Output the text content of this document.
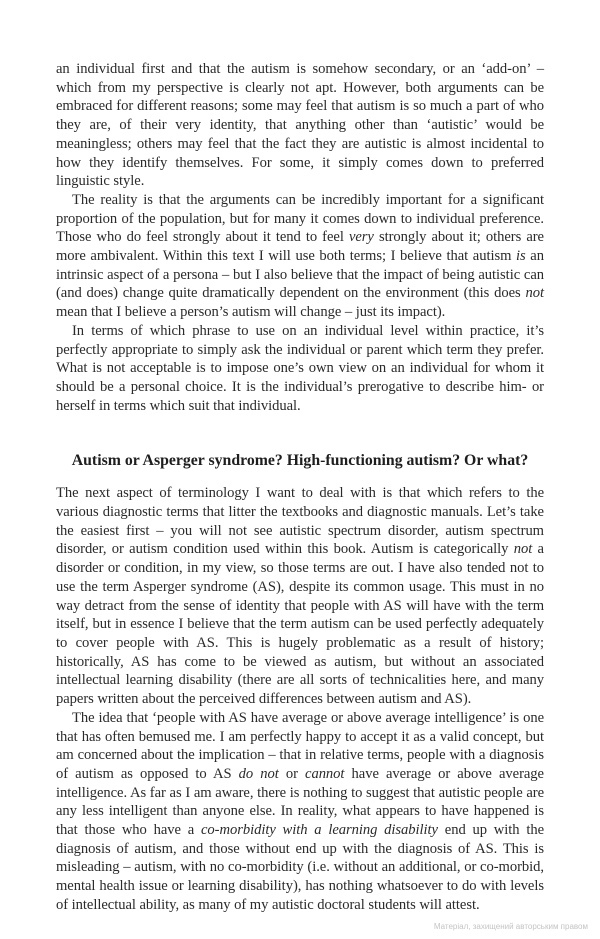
an individual first and that the autism is somehow secondary, or an ‘add-on’ – which from my perspective is clearly not apt. However, both arguments can be embraced for different reasons; some may feel that autism is so much a part of who they are, of their very identity, that anything other than ‘autistic’ would be meaningless; others may feel that the fact they are autistic is almost incidental to how they identify themselves. For some, it simply comes down to preferred linguistic style.

The reality is that the arguments can be incredibly important for a significant proportion of the population, but for many it comes down to individual preference. Those who do feel strongly about it tend to feel very strongly about it; others are more ambivalent. Within this text I will use both terms; I believe that autism is an intrinsic aspect of a persona – but I also believe that the impact of being autistic can (and does) change quite dramatically dependent on the environment (this does not mean that I believe a person’s autism will change – just its impact).

In terms of which phrase to use on an individual level within practice, it’s perfectly appropriate to simply ask the individual or parent which term they prefer. What is not acceptable is to impose one’s own view on an individual for whom it should be a personal choice. It is the individual’s prerogative to describe him- or herself in terms which suit that individual.

Autism or Asperger syndrome? High-functioning autism? Or what?

The next aspect of terminology I want to deal with is that which refers to the various diagnostic terms that litter the textbooks and diagnostic manuals. Let’s take the easiest first – you will not see autistic spectrum disorder, autism spectrum disorder, or autism condition used within this book. Autism is categorically not a disorder or condition, in my view, so those terms are out. I have also tended not to use the term Asperger syndrome (AS), despite its common usage. This must in no way detract from the sense of identity that people with AS will have with the term itself, but in essence I believe that the term autism can be used perfectly adequately to cover people with AS. This is hugely problematic as a result of history; historically, AS has come to be viewed as autism, but without an associated intellectual learning disability (there are all sorts of technicalities here, and many papers written about the perceived differences between autism and AS).

The idea that ‘people with AS have average or above average intelligence’ is one that has often bemused me. I am perfectly happy to accept it as a valid concept, but am concerned about the implication – that in relative terms, people with a diagnosis of autism as opposed to AS do not or cannot have average or above average intelligence. As far as I am aware, there is nothing to suggest that autistic people are any less intelligent than anyone else. In reality, what appears to have happened is that those who have a co-morbidity with a learning disability end up with the diagnosis of autism, and those without end up with the diagnosis of AS. This is misleading – autism, with no co-morbidity (i.e. without an additional, or co-morbid, mental health issue or learning disability), has nothing whatsoever to do with levels of intellectual ability, as many of my autistic doctoral students will attest.

Матеріал, захищений авторським правом
